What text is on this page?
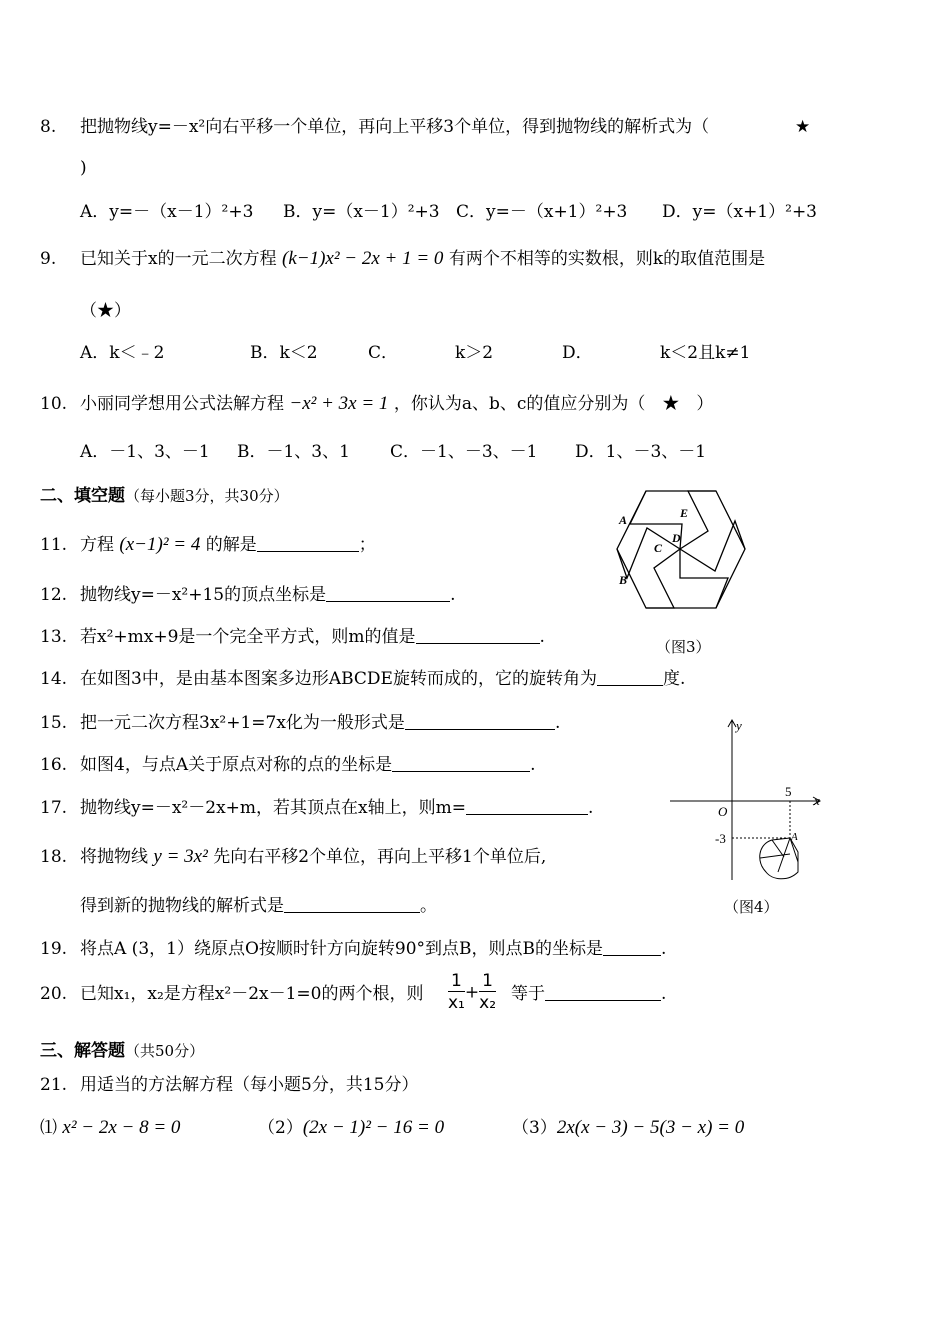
8. 把抛物线y=－x²向右平移一个单位，再向上平移3个单位，得到抛物线的解析式为（	★
)
A．y=－（x－1）²+3 B．y=（x－1）²+3 C．y=－（x+1）²+3 D．y=（x+1）²+3
9. 已知关于x的一元二次方程 (k−1)x² − 2x + 1 = 0 有两个不相等的实数根，则k的取值范围是
（★）
A．k＜﹣2	B．k＜2	C．	k＞2	D．	k＜2且k≠1
10. 小丽同学想用公式法解方程 −x² + 3x = 1 ，你认为a、b、c的值应分别为（　★　）
A．－1、3、－1 B．－1、3、1 C．－1、－3、－1 D．1、－3、－1
二、填空题（每小题3分，共30分）
11. 方程 (x−1)² = 4 的解是	；
12. 抛物线y=－x²+15的顶点坐标是	.
13. 若x²+mx+9是一个完全平方式，则m的值是	.
14. 在如图3中，是由基本图案多边形ABCDE旋转而成的，它的旋转角为	度.
15. 把一元二次方程3x²+1=7x化为一般形式是	.
16. 如图4，与点A关于原点对称的点的坐标是	.
17. 抛物线y=－x²－2x+m，若其顶点在x轴上，则m=	.
18. 将抛物线 y = 3x² 先向右平移2个单位，再向上平移1个单位后,
得到新的抛物线的解析式是	。
19. 将点A (3，1）绕原点O按顺时针方向旋转90°到点B，则点B的坐标是	.
20. 已知x₁，x₂是方程x²－2x－1=0的两个根，则 $\frac{1}{\text{x₁}} + \frac{1}{\text{x₂}}$ 等于	.
三、解答题（共50分）
21. 用适当的方法解方程（每小题5分，共15分）
⑴ x² − 2x − 8 = 0	（2）(2x − 1)² − 16 = 0	（3）2x(x − 3) − 5(3 − x) = 0
A	E
D
C
B
（图3）
y
x
O
5
-3	A
（图4）
